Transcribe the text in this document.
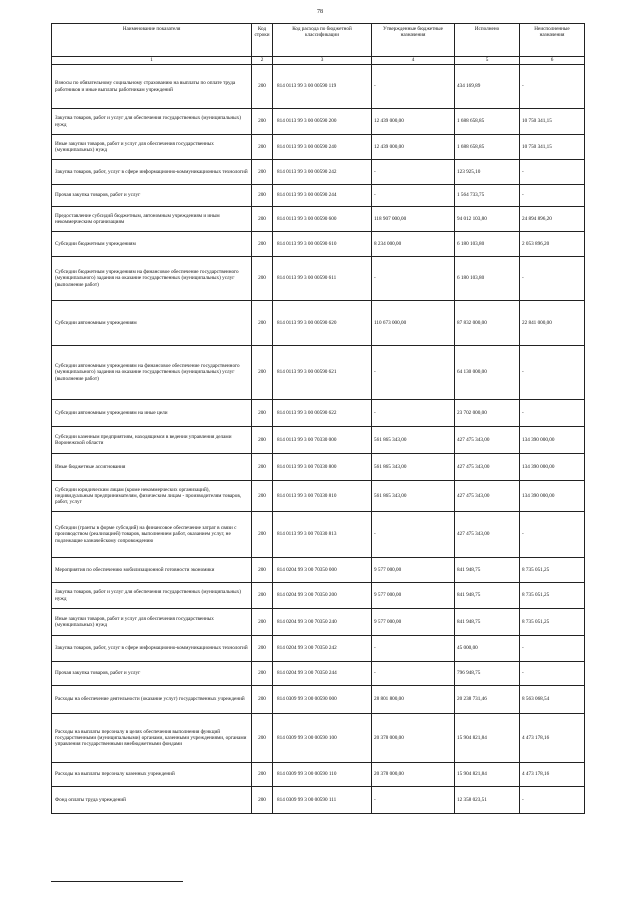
78
Наименование показателя	Код строки	Код расхода по бюджетной классификации	Утвержденные бюджетные назначения	Исполнено	Неисполненные назначения
1	2	3	4	5	6
Взносы по обязательному социальному страхованию на выплаты по оплате труда работников и иные выплаты работникам учреждений	200	814 0113 99 3 00 00590 119	-	434 169,89	-
Закупка товаров, работ и услуг для обеспечения государственных (муниципальных) нужд	200	814 0113 99 3 00 00590 200	12 439 000,00	1 688 658,85	10 750 341,15
Иные закупки товаров, работ и услуг для обеспечения государственных (муниципальных) нужд	200	814 0113 99 3 00 00590 240	12 439 000,00	1 688 658,85	10 750 341,15
Закупка товаров, работ, услуг в сфере информационно-коммуникационных технологий	200	814 0113 99 3 00 00590 242	-	123 925,10	-
Прочая закупка товаров, работ и услуг	200	814 0113 99 3 00 00590 244	-	1 564 733,75	-
Предоставление субсидий бюджетным, автономным учреждениям и иным некоммерческим организациям	200	814 0113 99 3 00 00590 600	118 907 000,00	94 012 103,80	24 894 896,20
Субсидии бюджетным учреждениям	200	814 0113 99 3 00 00590 610	8 234 000,00	6 180 103,80	2 053 896,20
Субсидии бюджетным учреждениям на финансовое обеспечение государственного (муниципального) задания на оказание государственных (муниципальных) услуг (выполнение работ)	200	814 0113 99 3 00 00590 611	-	6 180 103,80	-
Субсидии автономным учреждениям	200	814 0113 99 3 00 00590 620	110 673 000,00	87 832 000,00	22 841 000,00
Субсидии автономным учреждениям на финансовое обеспечение государственного (муниципального) задания на оказание государственных (муниципальных) услуг (выполнение работ)	200	814 0113 99 3 00 00590 621	-	64 130 000,00	-
Субсидии автономным учреждениям на иные цели	200	814 0113 99 3 00 00590 622	-	23 702 000,00	-
Субсидии казенным предприятиям, находящимся в ведении управления делами Воронежской области	200	814 0113 99 3 00 70330 000	561 865 343,00	427 475 343,00	134 390 000,00
Иные бюджетные ассигнования	200	814 0113 99 3 00 70330 800	561 865 343,00	427 475 343,00	134 390 000,00
Субсидии юридическим лицам (кроме некоммерческих организаций), индивидуальным предпринимателям, физическим лицам - производителям товаров, работ, услуг	200	814 0113 99 3 00 70330 810	561 865 343,00	427 475 343,00	134 390 000,00
Субсидии (гранты в форме субсидий) на финансовое обеспечение затрат в связи с производством (реализацией) товаров, выполнением работ, оказанием услуг, не подлежащие казначейскому сопровождению	200	814 0113 99 3 00 70330 813	-	427 475 343,00	-
Мероприятия по обеспечению мобилизационной готовности экономики	200	814 0204 99 3 00 70350 000	9 577 000,00	841 948,75	8 735 051,25
Закупка товаров, работ и услуг для обеспечения государственных (муниципальных) нужд	200	814 0204 99 3 00 70350 200	9 577 000,00	841 948,75	8 735 051,25
Иные закупки товаров, работ и услуг для обеспечения государственных (муниципальных) нужд	200	814 0204 99 3 00 70350 240	9 577 000,00	841 948,75	8 735 051,25
Закупка товаров, работ, услуг в сфере информационно-коммуникационных технологий	200	814 0204 99 3 00 70350 242	-	45 000,00	-
Прочая закупка товаров, работ и услуг	200	814 0204 99 3 00 70350 244	-	796 948,75	-
Расходы на обеспечение деятельности (оказание услуг) государственных учреждений	200	814 0309 99 3 00 00590 000	28 801 800,00	20 238 731,46	8 563 068,54
Расходы на выплаты персоналу в целях обеспечения выполнения функций государственными (муниципальными) органами, казенными учреждениями, органами управления государственными внебюджетными фондами	200	814 0309 99 3 00 00590 100	20 378 000,00	15 904 821,84	4 473 178,16
Расходы на выплаты персоналу казенных учреждений	200	814 0309 99 3 00 00590 110	20 378 000,00	15 904 821,84	4 473 178,16
Фонд оплаты труда учреждений	200	814 0309 99 3 00 00590 111	-	12 358 023,51	-
